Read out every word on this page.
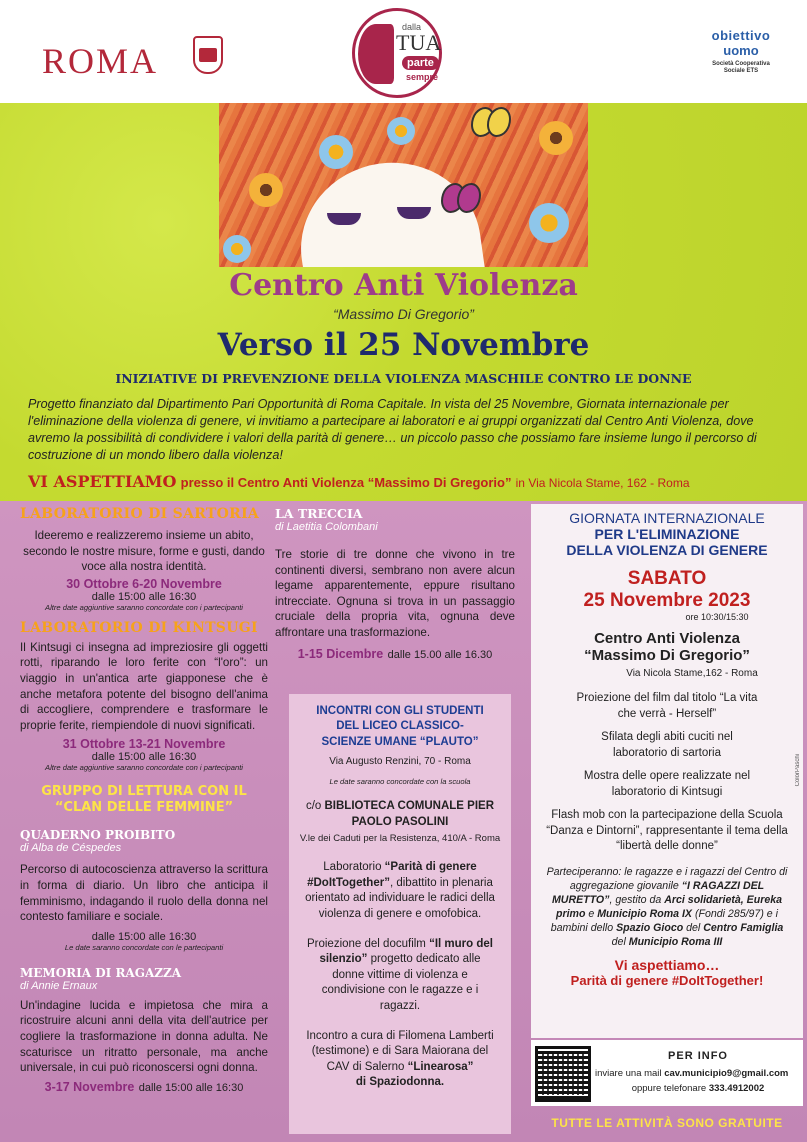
ROMA
dalla
TUA
parte
sempre
obiettivo
uomo
Società Cooperativa Sociale ETS
Centro Anti Violenza
“Massimo Di Gregorio”
Verso il 25 Novembre
INIZIATIVE DI PREVENZIONE DELLA VIOLENZA MASCHILE CONTRO LE DONNE
Progetto finanziato dal Dipartimento Pari Opportunità di Roma Capitale. In vista del 25 Novembre, Giornata internazionale per l'eliminazione della violenza di genere, vi invitiamo a partecipare ai laboratori e ai gruppi organizzati dal Centro Anti Violenza, dove avremo la possibilità di condividere i valori della parità di genere… un piccolo passo che possiamo fare insieme lungo il percorso di costruzione di un mondo libero dalla violenza!
VI ASPETTIAMO presso il Centro Anti Violenza “Massimo Di Gregorio” in Via Nicola Stame, 162 - Roma
LABORATORIO DI SARTORIA
Ideeremo e realizzeremo insieme un abito, secondo le nostre misure, forme e gusti, dando voce alla nostra identità.
30 Ottobre 6-20 Novembre
dalle 15:00 alle 16:30
Altre date aggiuntive saranno concordate con i partecipanti
LABORATORIO DI KINTSUGI
Il Kintsugi ci insegna ad impreziosire gli oggetti rotti, riparando le loro ferite con “l'oro”: un viaggio in un'antica arte giapponese che è anche metafora potente del bisogno dell'anima di accogliere, comprendere e trasformare le proprie ferite, riempiendole di nuovi significati.
31 Ottobre 13-21 Novembre
dalle 15:00 alle 16:30
Altre date aggiuntive saranno concordate con i partecipanti
GRUPPO DI LETTURA CON IL
“CLAN DELLE FEMMINE”
QUADERNO PROIBITO
di Alba de Céspedes
Percorso di autocoscienza attraverso la scrittura in forma di diario. Un libro che anticipa il femminismo, indagando il ruolo della donna nel contesto familiare e sociale.
dalle 15:00 alle 16:30
Le date saranno concordate con le partecipanti
MEMORIA DI RAGAZZA
di Annie Ernaux
Un'indagine lucida e impietosa che mira a ricostruire alcuni anni della vita dell'autrice per cogliere la trasformazione in donna adulta. Ne scaturisce un ritratto personale, ma anche universale, in cui può riconoscersi ogni donna.
3-17 Novembre dalle 15:00 alle 16:30
LA TRECCIA
di Laetitia Colombani
Tre storie di tre donne che vivono in tre continenti diversi, sembrano non avere alcun legame apparentemente, eppure risultano intrecciate. Ognuna si trova in un passaggio cruciale della propria vita, ognuna deve affrontare una trasformazione.
1-15 Dicembre dalle 15.00 alle 16.30
INCONTRI CON GLI STUDENTI DEL LICEO CLASSICO-SCIENZE UMANE “PLAUTO”
Via Augusto Renzini, 70 - Roma
Le date saranno concordate con la scuola
c/o BIBLIOTECA COMUNALE PIER PAOLO PASOLINI
V.le dei Caduti per la Resistenza, 410/A - Roma
Laboratorio “Parità di genere #DoItTogether”, dibattito in plenaria orientato ad individuare le radici della violenza di genere e omofobica.
Proiezione del docufilm “Il muro del silenzio” progetto dedicato alle donne vittime di violenza e condivisione con le ragazze e i ragazzi.
Incontro a cura di Filomena Lamberti (testimone) e di Sara Maiorana del CAV di Salerno “Linearosa”
di Spaziodonna.
GIORNATA INTERNAZIONALE
PER L'ELIMINAZIONE
DELLA VIOLENZA DI GENERE
SABATO
25 Novembre 2023
ore 10:30/15:30
Centro Anti Violenza
“Massimo Di Gregorio”
Via Nicola Stame,162 - Roma
Proiezione del film dal titolo “La vita che verrà - Herself”
Sfilata degli abiti cuciti nel laboratorio di sartoria
Mostra delle opere realizzate nel laboratorio di Kintsugi
Flash mob con la partecipazione della Scuola “Danza e Dintorni”, rappresentante il tema della “libertà delle donne”
Parteciperanno: le ragazze e i ragazzi del Centro di aggregazione giovanile “I RAGAZZI DEL MURETTO”, gestito da Arci solidarietà, Eureka primo e Municipio Roma IX (Fondi 285/97) e i bambini dello Spazio Gioco del Centro Famiglia del Municipio Roma III
Vi aspettiamo…
Parità di genere #DoItTogether!
ColorPaschi
PER INFO
inviare una mail cav.municipio9@gmail.com
oppure telefonare 333.4912002
TUTTE LE ATTIVITÀ SONO GRATUITE
